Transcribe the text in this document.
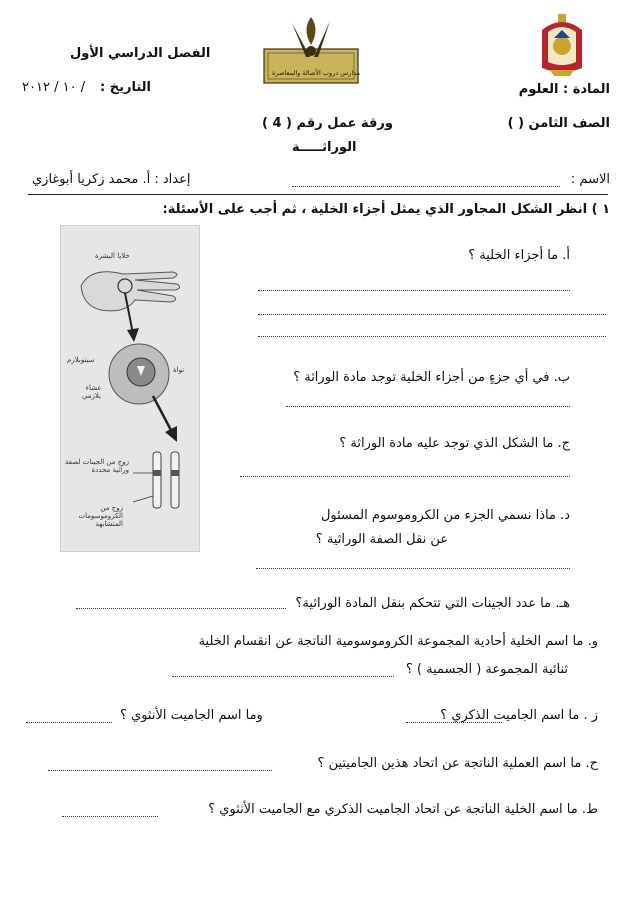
الفصل الدراسي الأول
التاريخ :
/ ١٠ / ٢٠١٢
مدارس دروب الأصالة والمعاصرة
المادة : العلوم
الصف الثامن ( )
ورقة عمل رقم ( 4 )
الوراثـــــة
الاسم :
إعداد : أ. محمد زكريا أبوغازي
١ ) انظر الشكل المجاور الذي يمثل أجزاء الخلية ، ثم أجب على الأسئلة:
خلايا البشرة
سيتوبلازم
نواة
غشاء بلازمي
زوج من الجينات لصفة وراثية محددة
زوج من الكروموسومات المتشابهة
أ. ما أجزاء الخلية ؟
ب. في أي جزءٍ من أجزاء الخلية توجد مادة الوراثة ؟
ج. ما الشكل الذي توجد عليه مادة الوراثة ؟
د. ماذا نسمي الجزء من الكروموسوم المسئول
عن نقل الصفة الوراثية ؟
هـ. ما عدد الجينات التي تتحكم بنقل المادة الوراثية؟
و. ما اسم الخلية أحادية المجموعة الكروموسومية الناتجة عن انقسام الخلية
ثنائية المجموعة ( الجسمية ) ؟
ز . ما اسم الجاميت الذكري ؟
وما اسم الجاميت الأنثوي ؟
ح. ما اسم العملية الناتجة عن اتحاد هذين الجاميتين ؟
ط. ما اسم الخلية الناتجة عن اتحاد الجاميت الذكري مع الجاميت الأنثوي ؟
